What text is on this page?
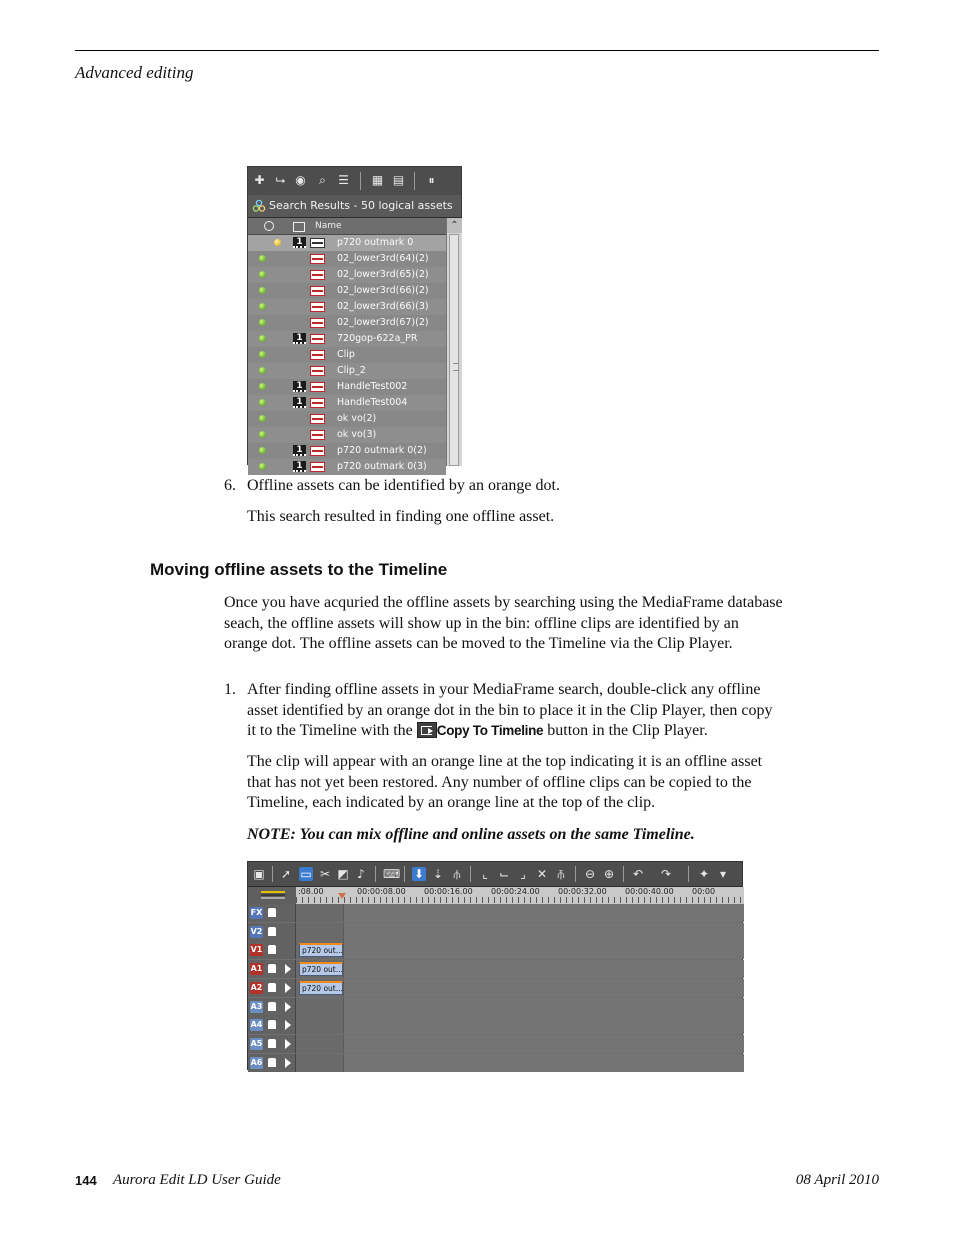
Advanced editing
✚ ⮡ ◉ ⌕ ☰ ▦ ▤ ⏸
Search Results - 50 logical assets
Name
1	p720 outmark 0
02_lower3rd(64)(2)
02_lower3rd(65)(2)
02_lower3rd(66)(2)
02_lower3rd(66)(3)
02_lower3rd(67)(2)
1	720gop-622a_PR
Clip
Clip_2
1	HandleTest002
1	HandleTest004
ok vo(2)
ok vo(3)
1	p720 outmark 0(2)
1	p720 outmark 0(3)
⌃
6. Offline assets can be identified by an orange dot.
This search resulted in finding one offline asset.
Moving offline assets to the Timeline
Once you have acquried the offline assets by searching using the MediaFrame database
seach, the offline assets will show up in the bin: offline clips are identified by an
orange dot. The offline assets can be moved to the Timeline via the Clip Player.
1. After finding offline assets in your MediaFrame search, double-click any offline
asset identified by an orange dot in the bin to place it in the Clip Player, then copy
it to the Timeline with the Copy To Timeline button in the Clip Player.
The clip will appear with an orange line at the top indicating it is an offline asset
that has not yet been restored. Any number of offline clips can be copied to the
Timeline, each indicated by an orange line at the top of the clip.
NOTE: You can mix offline and online assets on the same Timeline.
▣ ➚ ▭ ✂ ◩ ♪ ⌨ ⬇ ⇣ ⫛	⌞ ⌙ ⌟ ✕ ⫚ ⊖ ⊕ ↶ ↷ ✦ ▾
:08.00	00:00:08.00 00:00:16.00 00:00:24.00 00:00:32.00 00:00:40.00 00:00
FX
V2
V1	p720 out...
A1	p720 out...
A2	p720 out...
A3
A4
A5
A6
144 Aurora Edit LD User Guide	08 April 2010
